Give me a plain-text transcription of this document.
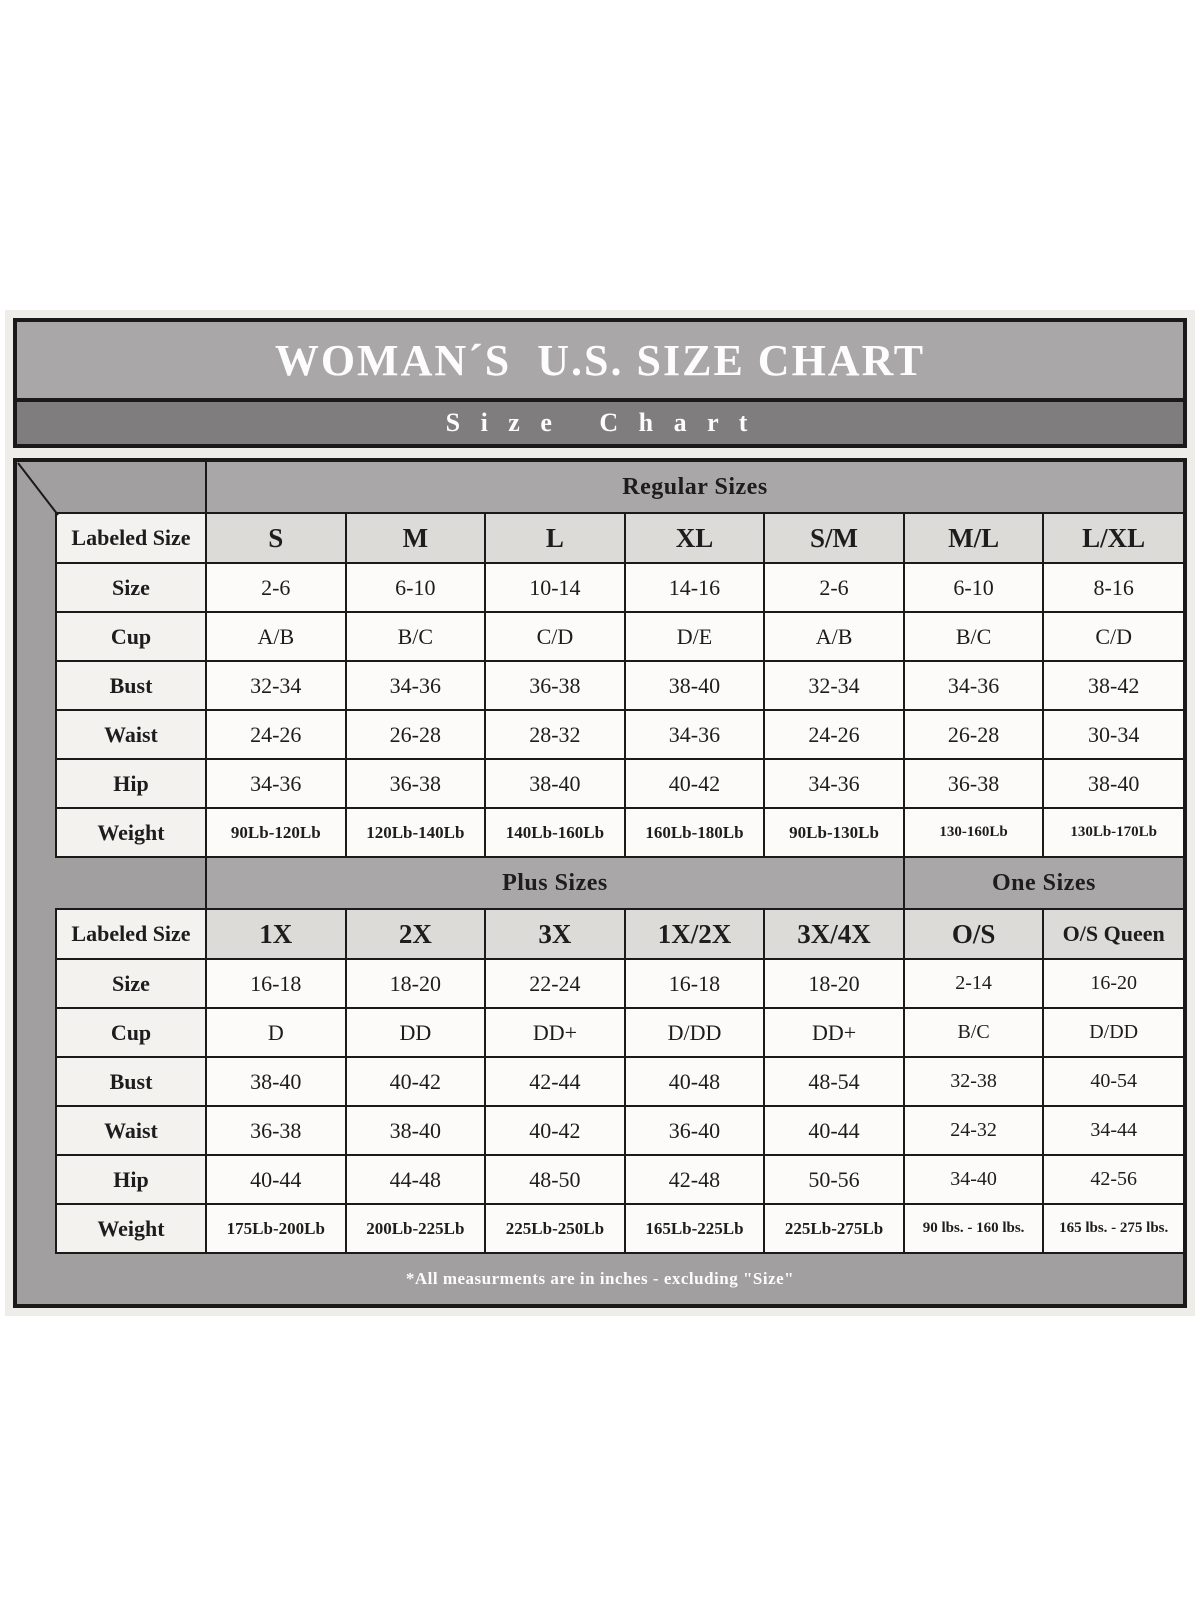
WOMAN´S  U.S. SIZE CHART
S i z e   C h a r t
	Regular Sizes						
Labeled Size	S	M	L	XL	S/M	M/L	L/XL
Size	2-6	6-10	10-14	14-16	2-6	6-10	8-16
Cup	A/B	B/C	C/D	D/E	A/B	B/C	C/D
Bust	32-34	34-36	36-38	38-40	32-34	34-36	38-42
Waist	24-26	26-28	28-32	34-36	24-26	26-28	30-34
Hip	34-36	36-38	38-40	40-42	34-36	36-38	38-40
Weight	90Lb-120Lb	120Lb-140Lb	140Lb-160Lb	160Lb-180Lb	90Lb-130Lb	130-160Lb	130Lb-170Lb
	Plus Sizes					One Sizes	
Labeled Size	1X	2X	3X	1X/2X	3X/4X	O/S	O/S Queen
Size	16-18	18-20	22-24	16-18	18-20	2-14	16-20
Cup	D	DD	DD+	D/DD	DD+	B/C	D/DD
Bust	38-40	40-42	42-44	40-48	48-54	32-38	40-54
Waist	36-38	38-40	40-42	36-40	40-44	24-32	34-44
Hip	40-44	44-48	48-50	42-48	50-56	34-40	42-56
Weight	175Lb-200Lb	200Lb-225Lb	225Lb-250Lb	165Lb-225Lb	225Lb-275Lb	90 lbs. - 160 lbs.	165 lbs. - 275 lbs.
*All measurments are in inches - excluding "Size"
